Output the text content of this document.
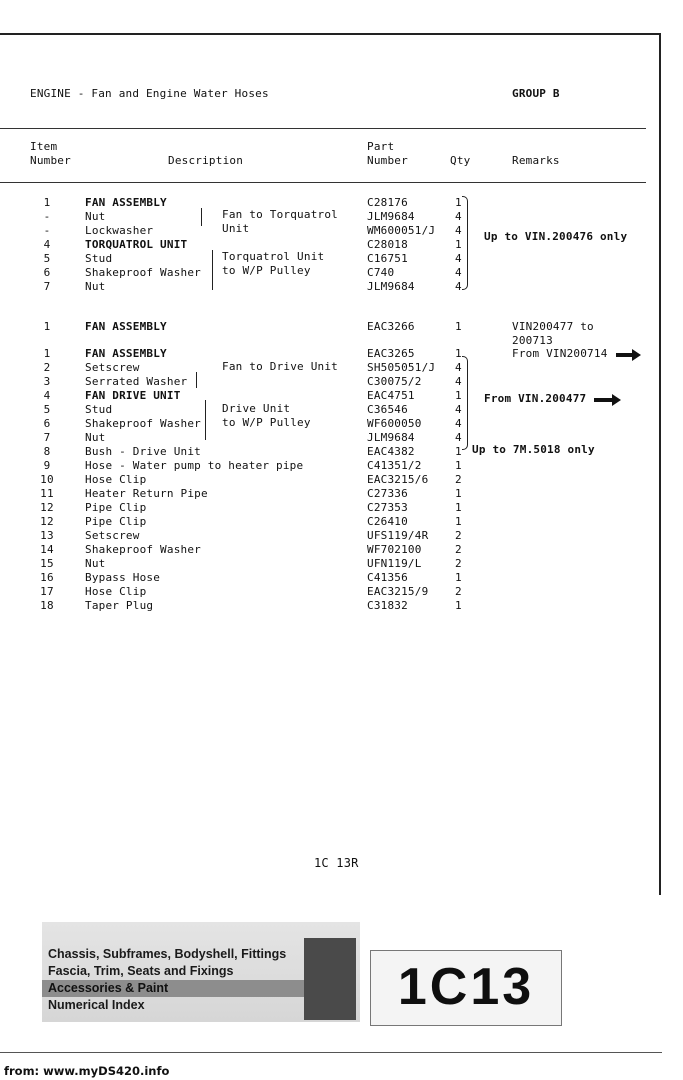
ENGINE - Fan and Engine Water Hoses	GROUP B
Item
Number	Description
Part
Number	Qty	Remarks
1	FAN ASSEMBLY	C28176	1
-	Nut	JLM9684	4
-	Lockwasher	WM600051/J 4
4	TORQUATROL UNIT	C28018	1
5	Stud	C16751	4
6	Shakeproof Washer	C740	4
7	Nut	JLM9684	4
1	FAN ASSEMBLY	EAC3266	1
1	FAN ASSEMBLY	EAC3265	1
2	Setscrew	SH505051/J 4
3	Serrated Washer	C30075/2	4
4	FAN DRIVE UNIT	EAC4751	1
5	Stud	C36546	4
6	Shakeproof Washer	WF600050	4
7	Nut	JLM9684	4
8	Bush - Drive Unit	EAC4382	1
9	Hose - Water pump to heater pipe	C41351/2	1
10	Hose Clip	EAC3215/6 2
11	Heater Return Pipe	C27336	1
12	Pipe Clip	C27353	1
12	Pipe Clip	C26410	1
13	Setscrew	UFS119/4R 2
14	Shakeproof Washer	WF702100	2
15	Nut	UFN119/L	2
16	Bypass Hose	C41356	1
17	Hose Clip	EAC3215/9 2
18	Taper Plug	C31832	1
Fan to Torquatrol
Unit
Torquatrol Unit
to W/P Pulley
Fan to Drive Unit
Drive Unit
to W/P Pulley
Up to VIN.200476 only
VIN200477 to
200713
From VIN200714
From VIN.200477
Up to 7M.5018 only
1C 13R
Chassis, Subframes, Bodyshell, Fittings
Fascia, Trim, Seats and Fixings
Accessories & Paint
Numerical Index	1C13
from: www.myDS420.info
